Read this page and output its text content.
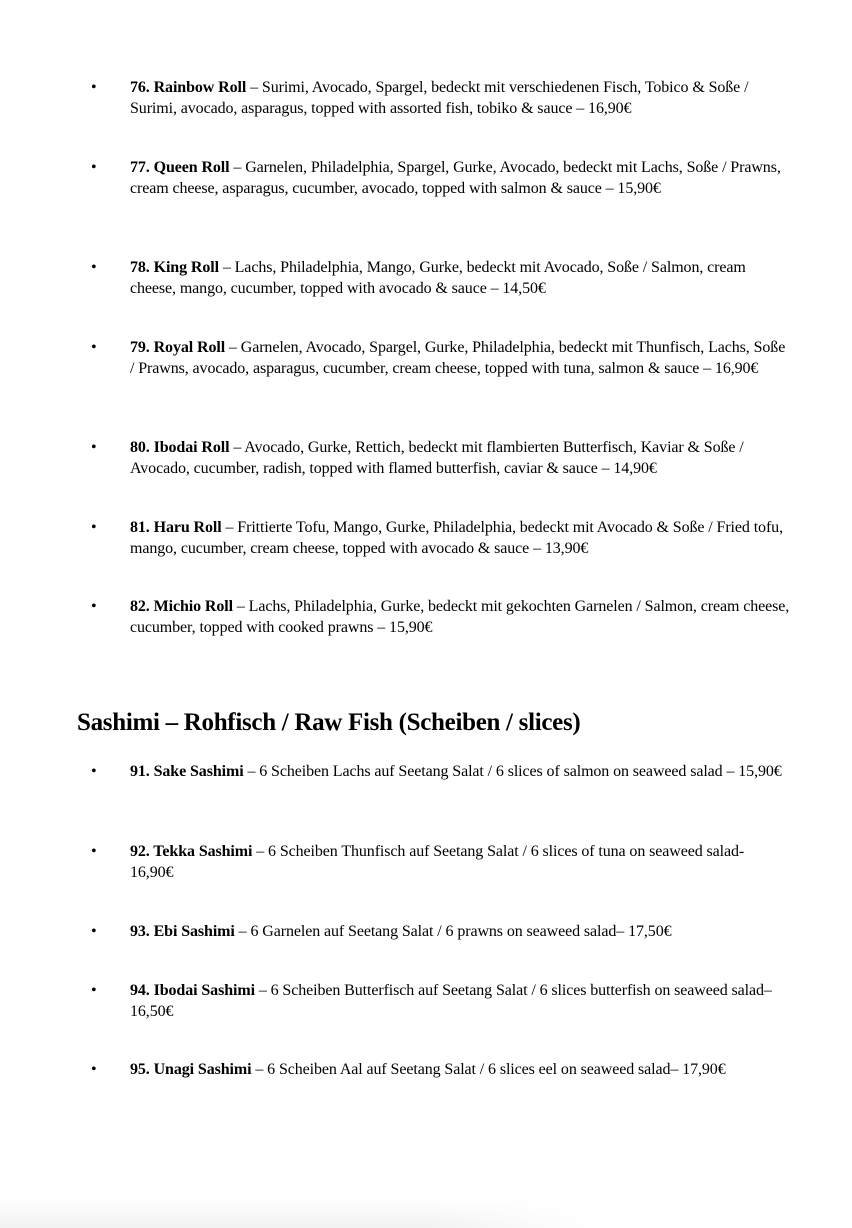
• 76. Rainbow Roll – Surimi, Avocado, Spargel, bedeckt mit verschiedenen Fisch, Tobico & Soße / Surimi, avocado, asparagus, topped with assorted fish, tobiko & sauce – 16,90€
• 77. Queen Roll – Garnelen, Philadelphia, Spargel, Gurke, Avocado, bedeckt mit Lachs, Soße / Prawns, cream cheese, asparagus, cucumber, avocado, topped with salmon & sauce – 15,90€
• 78. King Roll – Lachs, Philadelphia, Mango, Gurke, bedeckt mit Avocado, Soße / Salmon, cream cheese, mango, cucumber, topped with avocado & sauce – 14,50€
• 79. Royal Roll – Garnelen, Avocado, Spargel, Gurke, Philadelphia, bedeckt mit Thunfisch, Lachs, Soße / Prawns, avocado, asparagus, cucumber, cream cheese, topped with tuna, salmon & sauce – 16,90€
• 80. Ibodai Roll – Avocado, Gurke, Rettich, bedeckt mit flambierten Butterfisch, Kaviar & Soße / Avocado, cucumber, radish, topped with flamed butterfish, caviar & sauce – 14,90€
• 81. Haru Roll – Frittierte Tofu, Mango, Gurke, Philadelphia, bedeckt mit Avocado & Soße / Fried tofu, mango, cucumber, cream cheese, topped with avocado & sauce – 13,90€
• 82. Michio Roll – Lachs, Philadelphia, Gurke, bedeckt mit gekochten Garnelen / Salmon, cream cheese, cucumber, topped with cooked prawns – 15,90€
Sashimi – Rohfisch / Raw Fish (Scheiben / slices)
• 91. Sake Sashimi – 6 Scheiben Lachs auf Seetang Salat / 6 slices of salmon on seaweed salad – 15,90€
• 92. Tekka Sashimi – 6 Scheiben Thunfisch auf Seetang Salat / 6 slices of tuna on seaweed salad- 16,90€
• 93. Ebi Sashimi – 6 Garnelen auf Seetang Salat / 6 prawns on seaweed salad– 17,50€
• 94. Ibodai Sashimi – 6 Scheiben Butterfisch auf Seetang Salat / 6 slices butterfish on seaweed salad– 16,50€
• 95. Unagi Sashimi – 6 Scheiben Aal auf Seetang Salat / 6 slices eel on seaweed salad– 17,90€
